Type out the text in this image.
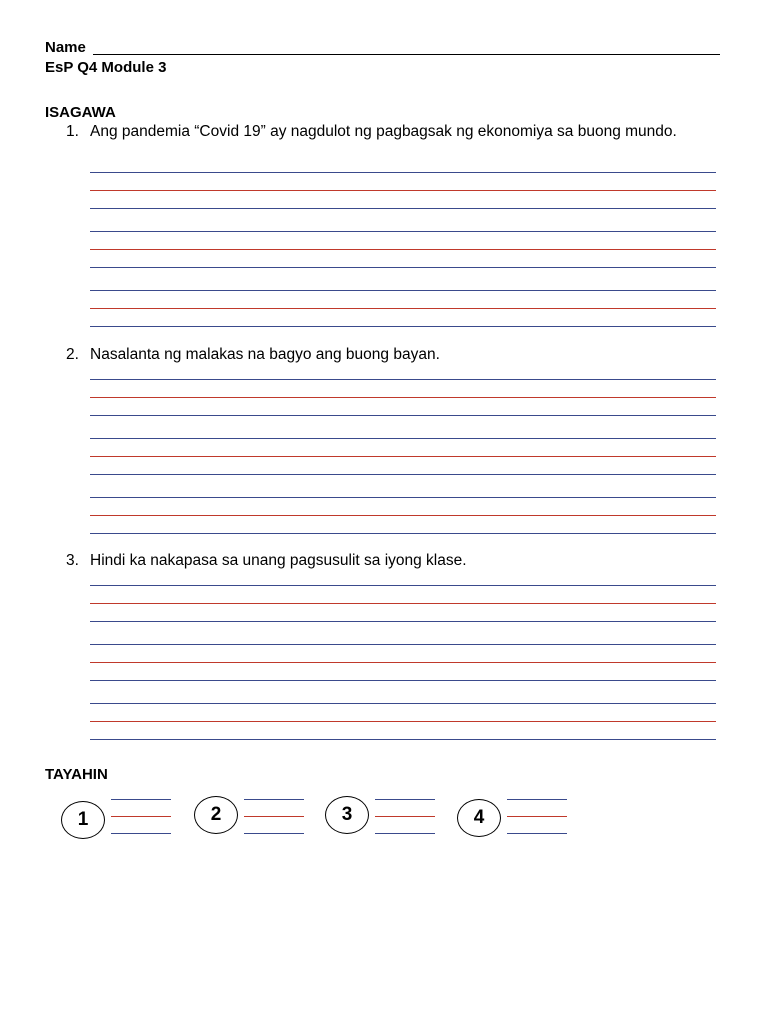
Name
EsP Q4 Module 3
ISAGAWA
1. Ang pandemia “Covid 19” ay nagdulot ng pagbagsak ng ekonomiya sa buong mundo.
2. Nasalanta ng malakas na bagyo ang buong bayan.
3. Hindi ka nakapasa sa unang pagsusulit sa iyong klase.
TAYAHIN
1	2	3	4
